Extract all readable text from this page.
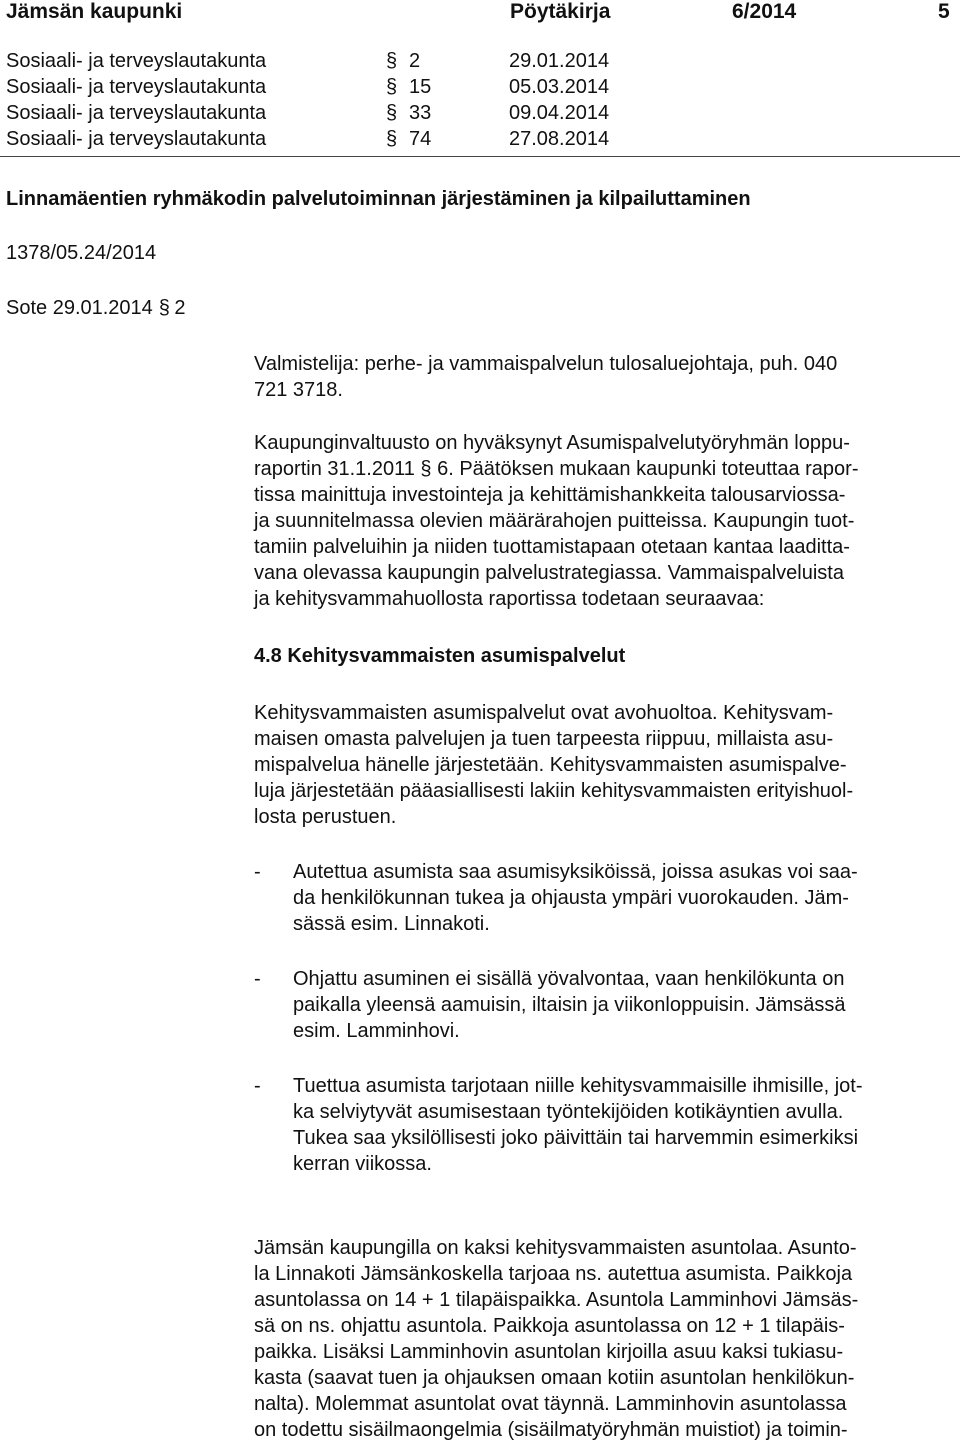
Jämsän kaupunki	Pöytäkirja	6/2014	5
Sosiaali- ja terveyslautakunta	§ 2	29.01.2014
Sosiaali- ja terveyslautakunta	§ 15	05.03.2014
Sosiaali- ja terveyslautakunta	§ 33	09.04.2014
Sosiaali- ja terveyslautakunta	§ 74	27.08.2014
Linnamäentien ryhmäkodin palvelutoiminnan järjestäminen ja kilpailuttaminen
1378/05.24/2014
Sote 29.01.2014 § 2
Valmistelija: perhe- ja vammaispalvelun tulosaluejohtaja, puh. 040
721 3718.
Kaupunginvaltuusto on hyväksynyt Asumispalvelutyöryhmän loppu-
raportin 31.1.2011 § 6. Päätöksen mukaan kaupunki toteuttaa rapor-
tissa mainittuja investointeja ja kehittämishankkeita talousarviossa-
ja suunnitelmassa olevien määrärahojen puitteissa. Kaupungin tuot-
tamiin palveluihin ja niiden tuottamistapaan otetaan kantaa laadittа-
vana olevassa kaupungin palvelustrategiassa. Vammaispalveluista
ja kehitysvammahuollosta raportissa todetaan seuraavaa:
4.8 Kehitysvammaisten asumispalvelut
Kehitysvammaisten asumispalvelut ovat avohuoltoa. Kehitysvam-
maisen omasta palvelujen ja tuen tarpeesta riippuu, millaista asu-
mispalvelua hänelle järjestetään. Kehitysvammaisten asumispalve-
luja järjestetään pääasiallisesti lakiin kehitysvammaisten erityishuol-
losta perustuen.
- Autettua asumista saa asumisyksiköissä, joissa asukas voi saa-
da henkilökunnan tukea ja ohjausta ympäri vuorokauden. Jäm-
sässä esim. Linnakoti.
- Ohjattu asuminen ei sisällä yövalvontaa, vaan henkilökunta on
paikalla yleensä aamuisin, iltaisin ja viikonloppuisin. Jämsässä
esim. Lamminhovi.
- Tuettua asumista tarjotaan niille kehitysvammaisille ihmisille, jot-
ka selviytyvät asumisestaan työntekijöiden kotikäyntien avulla.
Tukea saa yksilöllisesti joko päivittäin tai harvemmin esimerkiksi
kerran viikossa.
Jämsän kaupungilla on kaksi kehitysvammaisten asuntolaa. Asunto-
la Linnakoti Jämsänkoskella tarjoaa ns. autettua asumista. Paikkoja
asuntolassa on 14 + 1 tilapäispaikka. Asuntola Lamminhovi Jämsäs-
sä on ns. ohjattu asuntola. Paikkoja asuntolassa on 12 + 1 tilapäis-
paikka. Lisäksi Lamminhovin asuntolan kirjoilla asuu kaksi tukiasu-
kasta (saavat tuen ja ohjauksen omaan kotiin asuntolan henkilökun-
nalta). Molemmat asuntolat ovat täynnä. Lamminhovin asuntolassa
on todettu sisäilmaongelmia (sisäilmatyöryhmän muistiot) ja toimin-
